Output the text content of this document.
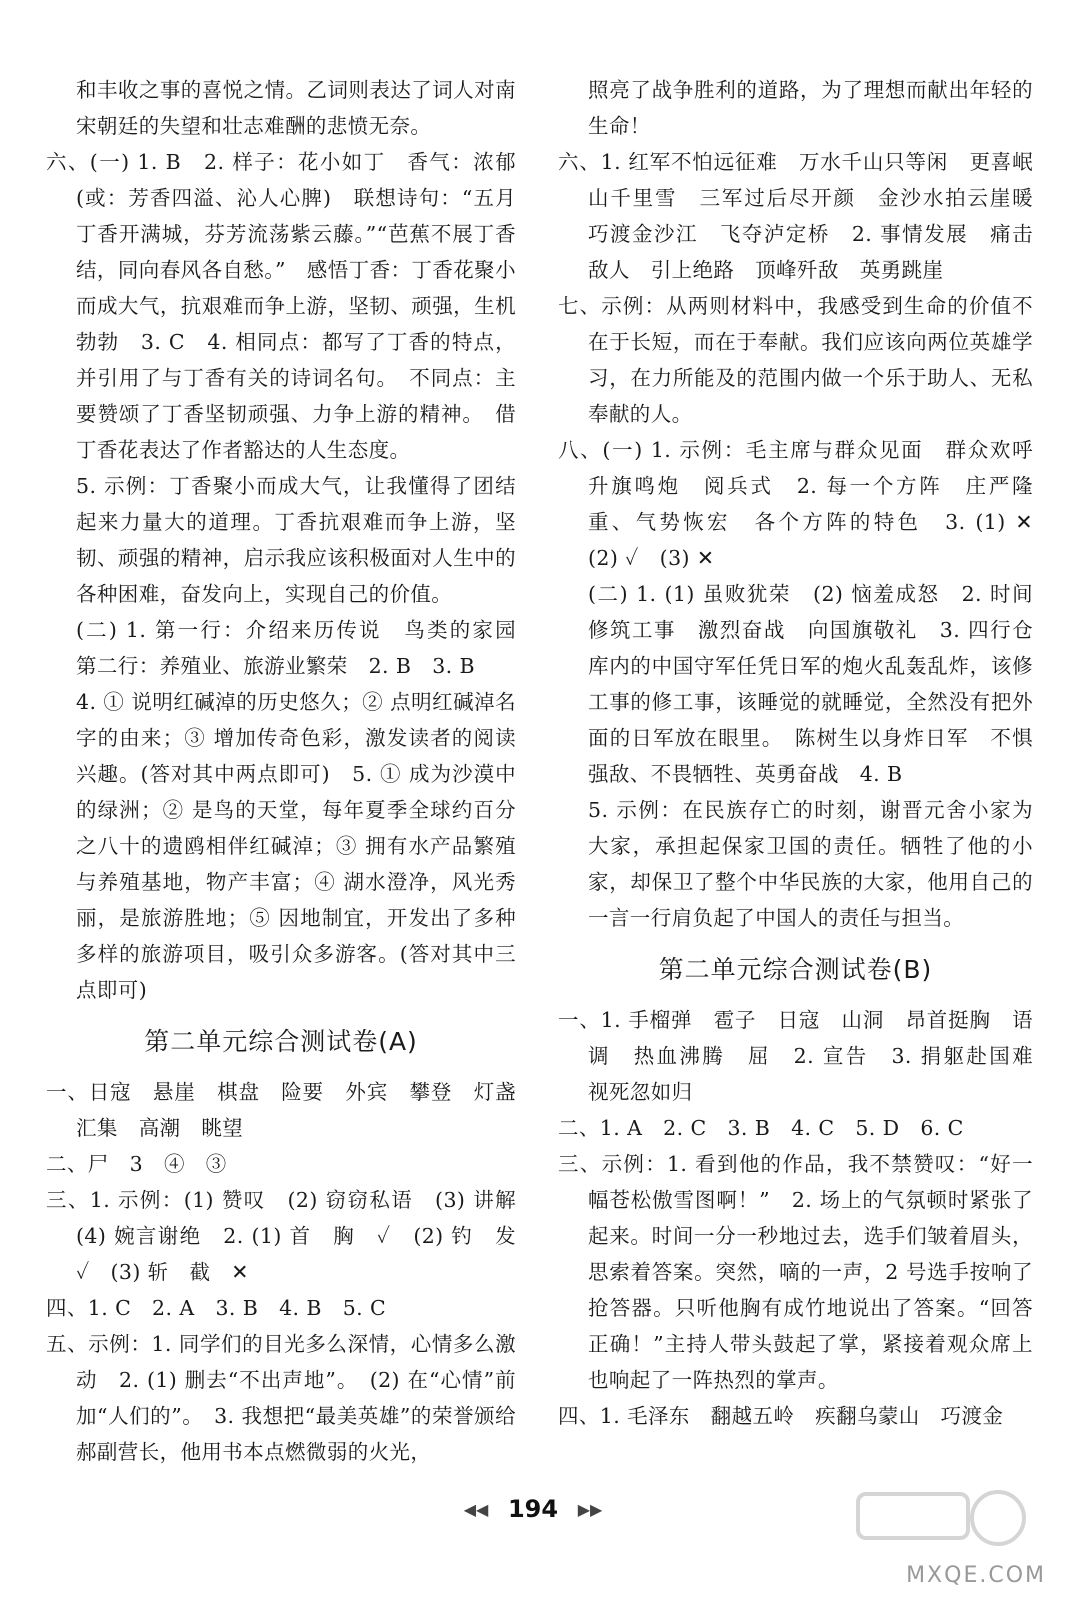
和丰收之事的喜悦之情。乙词则表达了词人对南宋朝廷的失望和壮志难酬的悲愤无奈。
六、(一) 1. B　2. 样子：花小如丁　香气：浓郁(或：芳香四溢、沁人心脾)　联想诗句：“五月丁香开满城，芬芳流荡紫云藤。”“芭蕉不展丁香结，同向春风各自愁。”　感悟丁香：丁香花聚小而成大气，抗艰难而争上游，坚韧、顽强，生机勃勃　3. C　4. 相同点：都写了丁香的特点，并引用了与丁香有关的诗词名句。　不同点：主要赞颂了丁香坚韧顽强、力争上游的精神。　借丁香花表达了作者豁达的人生态度。
5. 示例：丁香聚小而成大气，让我懂得了团结起来力量大的道理。丁香抗艰难而争上游，坚韧、顽强的精神，启示我应该积极面对人生中的各种困难，奋发向上，实现自己的价值。
(二) 1. 第一行：介绍来历传说　鸟类的家园　第二行：养殖业、旅游业繁荣　2. B　3. B
4. ① 说明红碱淖的历史悠久；② 点明红碱淖名字的由来；③ 增加传奇色彩，激发读者的阅读兴趣。(答对其中两点即可)　5. ① 成为沙漠中的绿洲；② 是鸟的天堂，每年夏季全球约百分之八十的遗鸥相伴红碱淖；③ 拥有水产品繁殖与养殖基地，物产丰富；④ 湖水澄净，风光秀丽，是旅游胜地；⑤ 因地制宜，开发出了多种多样的旅游项目，吸引众多游客。(答对其中三点即可)
第二单元综合测试卷(A)
一、日寇　悬崖　棋盘　险要　外宾　攀登　灯盏　汇集　高潮　眺望
二、尸　3　④　③
三、1. 示例：(1) 赞叹　(2) 窃窃私语　(3) 讲解　(4) 婉言谢绝　2. (1) 首　胸　✓　(2) 钓　发　✓　(3) 斩　截　✕
四、1. C　2. A　3. B　4. B　5. C
五、示例：1. 同学们的目光多么深情，心情多么激动　2. (1) 删去“不出声地”。　(2) 在“心情”前加“人们的”。　3. 我想把“最美英雄”的荣誉颁给郝副营长，他用书本点燃微弱的火光，
照亮了战争胜利的道路，为了理想而献出年轻的生命！
六、1. 红军不怕远征难　万水千山只等闲　更喜岷山千里雪　三军过后尽开颜　金沙水拍云崖暖　巧渡金沙江　飞夺泸定桥　2. 事情发展　痛击敌人　引上绝路　顶峰歼敌　英勇跳崖
七、示例：从两则材料中，我感受到生命的价值不在于长短，而在于奉献。我们应该向两位英雄学习，在力所能及的范围内做一个乐于助人、无私奉献的人。
八、(一) 1. 示例：毛主席与群众见面　群众欢呼　升旗鸣炮　阅兵式　2. 每一个方阵　庄严隆重、气势恢宏　各个方阵的特色　3. (1) ✕　(2) ✓　(3) ✕
(二) 1. (1) 虽败犹荣　(2) 恼羞成怒　2. 时间　修筑工事　激烈奋战　向国旗敬礼　3. 四行仓库内的中国守军任凭日军的炮火乱轰乱炸，该修工事的修工事，该睡觉的就睡觉，全然没有把外面的日军放在眼里。　陈树生以身炸日军　不惧强敌、不畏牺牲、英勇奋战　4. B
5. 示例：在民族存亡的时刻，谢晋元舍小家为大家，承担起保家卫国的责任。牺牲了他的小家，却保卫了整个中华民族的大家，他用自己的一言一行肩负起了中国人的责任与担当。
第二单元综合测试卷(B)
一、1. 手榴弹　雹子　日寇　山洞　昂首挺胸　语调　热血沸腾　屈　2. 宣告　3. 捐躯赴国难　视死忽如归
二、1. A　2. C　3. B　4. C　5. D　6. C
三、示例：1. 看到他的作品，我不禁赞叹：“好一幅苍松傲雪图啊！”　2. 场上的气氛顿时紧张了起来。时间一分一秒地过去，选手们皱着眉头，思索着答案。突然，嘀的一声，2 号选手按响了抢答器。只听他胸有成竹地说出了答案。“回答正确！”主持人带头鼓起了掌，紧接着观众席上也响起了一阵热烈的掌声。
四、1. 毛泽东　翻越五岭　疾翻乌蒙山　巧渡金
◀◀ 194 ▶▶
MXQE.COM
